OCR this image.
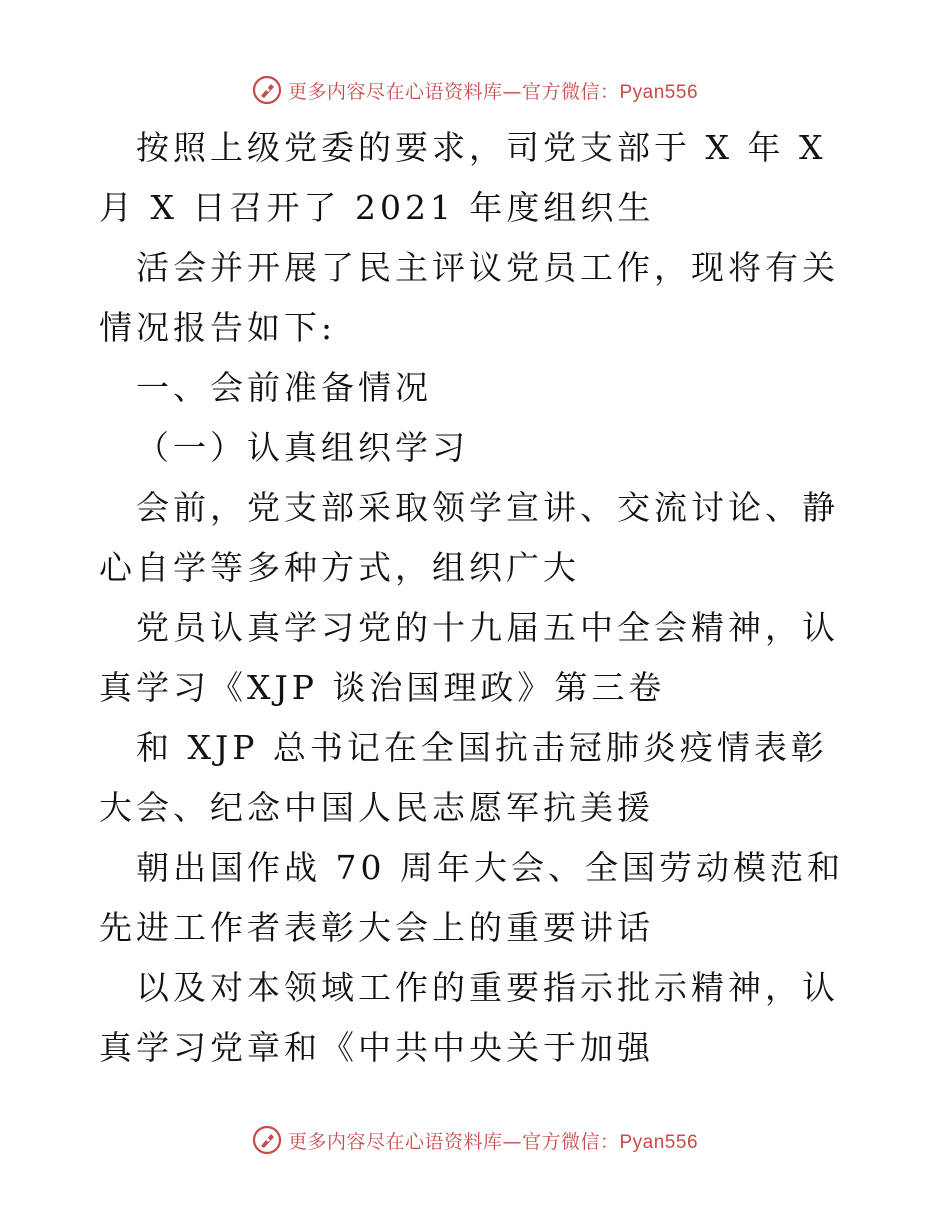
更多内容尽在心语资料库—官方微信：Pyan556

按照上级党委的要求，司党支部于 X 年 X 月 X 日召开了 2021 年度组织生

活会并开展了民主评议党员工作，现将有关情况报告如下:

一、会前准备情况

（一）认真组织学习

会前，党支部采取领学宣讲、交流讨论、静心自学等多种方式，组织广大

党员认真学习党的十九届五中全会精神，认真学习《XJP 谈治国理政》第三卷

和 XJP 总书记在全国抗击冠肺炎疫情表彰大会、纪念中国人民志愿军抗美援

朝出国作战 70 周年大会、全国劳动模范和先进工作者表彰大会上的重要讲话

以及对本领域工作的重要指示批示精神，认真学习党章和《中共中央关于加强

更多内容尽在心语资料库—官方微信：Pyan556
